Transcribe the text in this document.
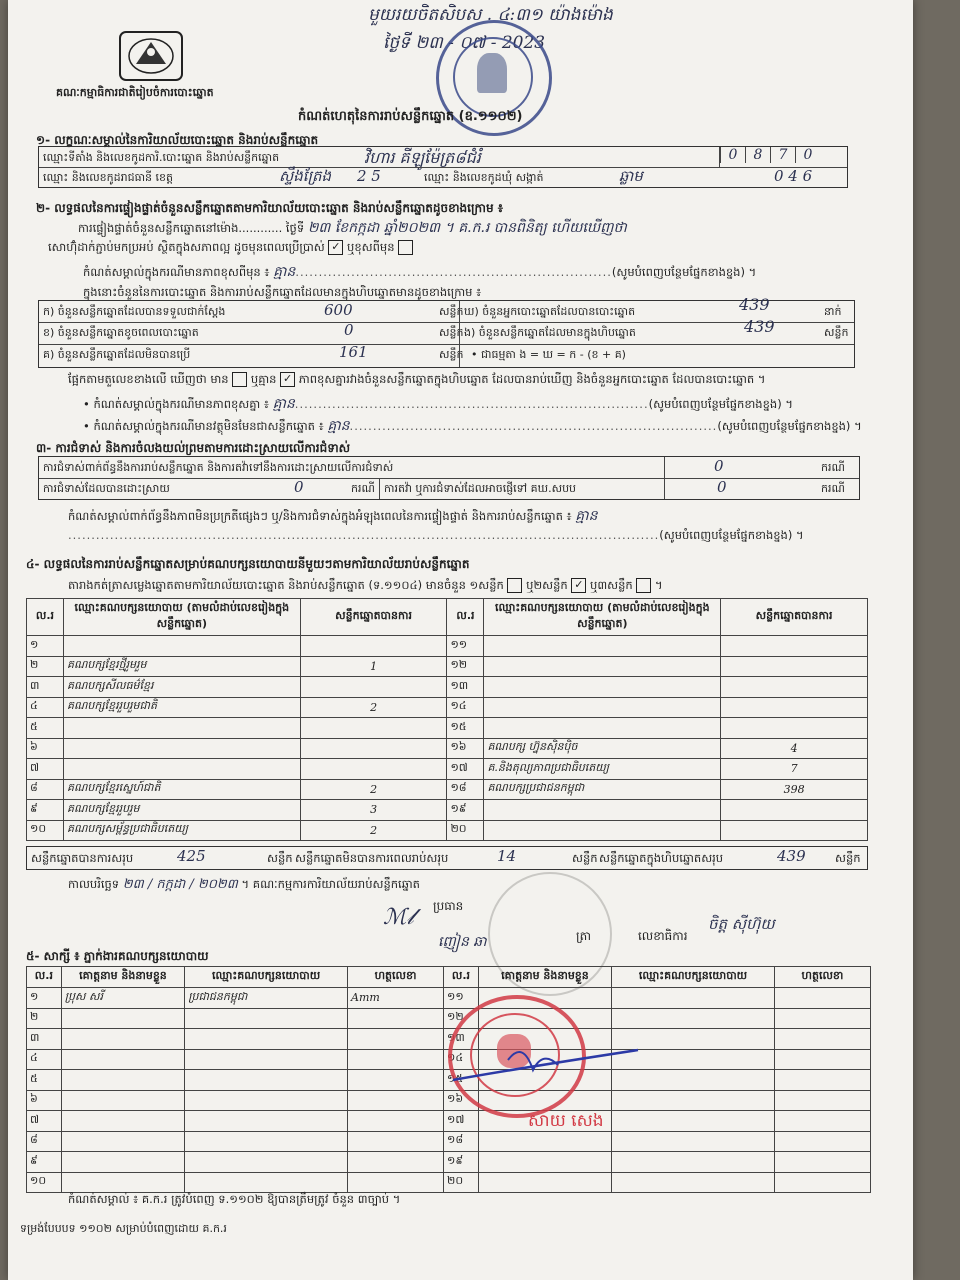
មួយរយចិតសិបស . ៤:៣១ យ៉ាងម៉ោង
ថ្ងៃទី ២៣ - ០៧ - 2023
គណៈកម្មាធិការជាតិរៀបចំការបោះឆ្នោត
កំណត់ហេតុនៃការរាប់សន្លឹកឆ្នោត (ឧ.១១០២)
១- លក្ខណៈសម្គាល់នៃការិយាល័យបោះឆ្នោត និងរាប់សន្លឹកឆ្នោត
ឈ្មោះទីតាំង និងលេខកូដការិ.បោះឆ្នោត និងរាប់សន្លឹកឆ្នោត	វិហារ គីឡូម៉ែត្រ៨ជំរំ	0 8 7 0
ឈ្មោះ និងលេខកូដរាជធានី ខេត្ត	ស្ទឹងត្រែង 2 5	ឈ្មោះ និងលេខកូដឃុំ សង្កាត់	ឆ្លាម	0 4 6
២- លទ្ធផលនៃការផ្ទៀងផ្ទាត់ចំនួនសន្លឹកឆ្នោតតាមការិយាល័យបោះឆ្នោត និងរាប់សន្លឹកឆ្នោតដូចខាងក្រោម ៖
ការផ្ទៀងផ្ទាត់ចំនួនសន្លឹកឆ្នោតនៅម៉ោង............ ថ្ងៃទី ២៣ ខែកក្កដា ឆ្នាំ២០២៣ ។ គ.ក.រ បានពិនិត្យ ហើយឃើញថា
សោហ៊ុំដាក់ភ្ជាប់មកប្រអប់ ស្ថិតក្នុងសភាពល្អ ដូចមុនពេលប្រើប្រាស់ ✓ ឬខុសពីមុន
កំណត់សម្គាល់ក្នុងករណីមានភាពខុសពីមុន ៖ គ្មាន....................................................................(សូមបំពេញបន្ថែមផ្នែកខាងខ្នង) ។
ក្នុងនោះចំនួននៃការបោះឆ្នោត និងការរាប់សន្លឹកឆ្នោតដែលមានក្នុងហិបឆ្នោតមានដូចខាងក្រោម ៖
ក) ចំនួនសន្លឹកឆ្នោតដែលបានទទួលជាក់ស្តែង	600	សន្លឹក ឃ) ចំនួនអ្នកបោះឆ្នោតដែលបានបោះឆ្នោត	439	នាក់
ខ) ចំនួនសន្លឹកឆ្នោតខូចពេលបោះឆ្នោត	0	សន្លឹក ង) ចំនួនសន្លឹកឆ្នោតដែលមានក្នុងហិបឆ្នោត	439	សន្លឹក
គ) ចំនួនសន្លឹកឆ្នោតដែលមិនបានប្រើ	161	សន្លឹក • ជាធម្មតា ង = ឃ = ក - (ខ + គ)
ផ្អែកតាមតួលេខខាងលើ ឃើញថា មាន ឬគ្មាន ✓ ភាពខុសគ្នារវាងចំនួនសន្លឹកឆ្នោតក្នុងហិបឆ្នោត ដែលបានរាប់ឃើញ និងចំនួនអ្នកបោះឆ្នោត ដែលបានបោះឆ្នោត ។
• កំណត់សម្គាល់ក្នុងករណីមានភាពខុសគ្នា ៖ គ្មាន............................................................................(សូមបំពេញបន្ថែមផ្នែកខាងខ្នង) ។
• កំណត់សម្គាល់ក្នុងករណីមានវត្ថុមិនមែនជាសន្លឹកឆ្នោត ៖ គ្មាន...............................................................................(សូមបំពេញបន្ថែមផ្នែកខាងខ្នង) ។
៣- ការជំទាស់ និងការចំលងយល់ព្រមតាមការដោះស្រាយលើការជំទាស់
ការជំទាស់ពាក់ព័ន្ធនឹងការរាប់សន្លឹកឆ្នោត និងការតវ៉ាទៅនឹងការដោះស្រាយលើការជំទាស់	0	ករណី
ការជំទាស់ដែលបានដោះស្រាយ	0	ករណី ការតវ៉ា ឬការជំទាស់ដែលអាចផ្ញើទៅ គឃ.សបប	0	ករណី
កំណត់សម្គាល់ពាក់ព័ន្ធនឹងភាពមិនប្រក្រតីផ្សេងៗ ឬ/និងការជំទាស់ក្នុងអំឡុងពេលនៃការផ្ទៀងផ្ទាត់ និងការរាប់សន្លឹកឆ្នោត ៖ គ្មាន
...............................................................................................................................(សូមបំពេញបន្ថែមផ្នែកខាងខ្នង) ។
៤- លទ្ធផលនៃការរាប់សន្លឹកឆ្នោតសម្រាប់គណបក្សនយោបាយនីមួយៗតាមការិយាល័យរាប់សន្លឹកឆ្នោត
តារាងកត់ត្រាសម្លេងឆ្នោតតាមការិយាល័យបោះឆ្នោត និងរាប់សន្លឹកឆ្នោត (ទ.១១០៤) មានចំនួន ១សន្លឹក ឬ២សន្លឹក ✓ ឬ៣សន្លឹក ។
ល.រ	ឈ្មោះគណបក្សនយោបាយ (តាមលំដាប់លេខរៀងក្នុងសន្លឹកឆ្នោត)	សន្លឹកឆ្នោតបានការ	ល.រ	ឈ្មោះគណបក្សនយោបាយ (តាមលំដាប់លេខរៀងក្នុងសន្លឹកឆ្នោត)	សន្លឹកឆ្នោតបានការ
១			១១		
២	គណបក្សខ្មែរថ្មីរួមរួម	1	១២		
៣	គណបក្សសីលធម៌ខ្មែរ		១៣		
៤	គណបក្សខ្មែររួបរួមជាតិ	2	១៤		
៥			១៥		
៦			១៦	គណបក្ស ហ្វ៊ុនស៊ិនប៉ិច	4
៧			១៧	គ.និងតុល្យភាពប្រជាធិបតេយ្យ	7
៨	គណបក្សខ្មែរស្នេហ៍ជាតិ	2	១៨	គណបក្សប្រជាជនកម្ពុជា	398
៩	គណបក្សខ្មែររួបរួម	3	១៩		
១០	គណបក្សសម្ព័ន្ធប្រជាធិបតេយ្យ	2	២០		
សន្លឹកឆ្នោតបានការសរុប	425	សន្លឹក សន្លឹកឆ្នោតមិនបានការពេលរាប់សរុប	14	សន្លឹក សន្លឹកឆ្នោតក្នុងហិបឆ្នោតសរុប	439	សន្លឹក
កាលបរិច្ឆេទ ២៣ / កក្កដា / ២០២៣ ។ គណៈកម្មការការិយាល័យរាប់សន្លឹកឆ្នោត
ប្រធាន
ℳ𝓁
ញៀន ឆា	ត្រា	លេខាធិការ
ចិត្ត ស៊ីហ៊ុយ
៥- សាក្សី ៖ ភ្នាក់ងារគណបក្សនយោបាយ
ល.រ	គោត្តនាម និងនាមខ្លួន	ឈ្មោះគណបក្សនយោបាយ	ហត្ថលេខា	ល.រ	គោត្តនាម និងនាមខ្លួន	ឈ្មោះគណបក្សនយោបាយ	ហត្ថលេខា
១	ប្រុស សរី	ប្រជាជនកម្ពុជា	Amm	១១			
២				១២			
៣				១៣			
៤				១៤			
៥				១៥			
៦				១៦			
៧				១៧			
៨				១៨			
៩				១៩			
១០				២០			
សាយ សេង
កំណត់សម្គាល់ ៖ គ.ក.រ ត្រូវបំពេញ ទ.១១០២ ឱ្យបានត្រឹមត្រូវ ចំនួន ៣ច្បាប់ ។
ទម្រង់បែបបទ ១១០២ សម្រាប់បំពេញដោយ គ.ក.រ
